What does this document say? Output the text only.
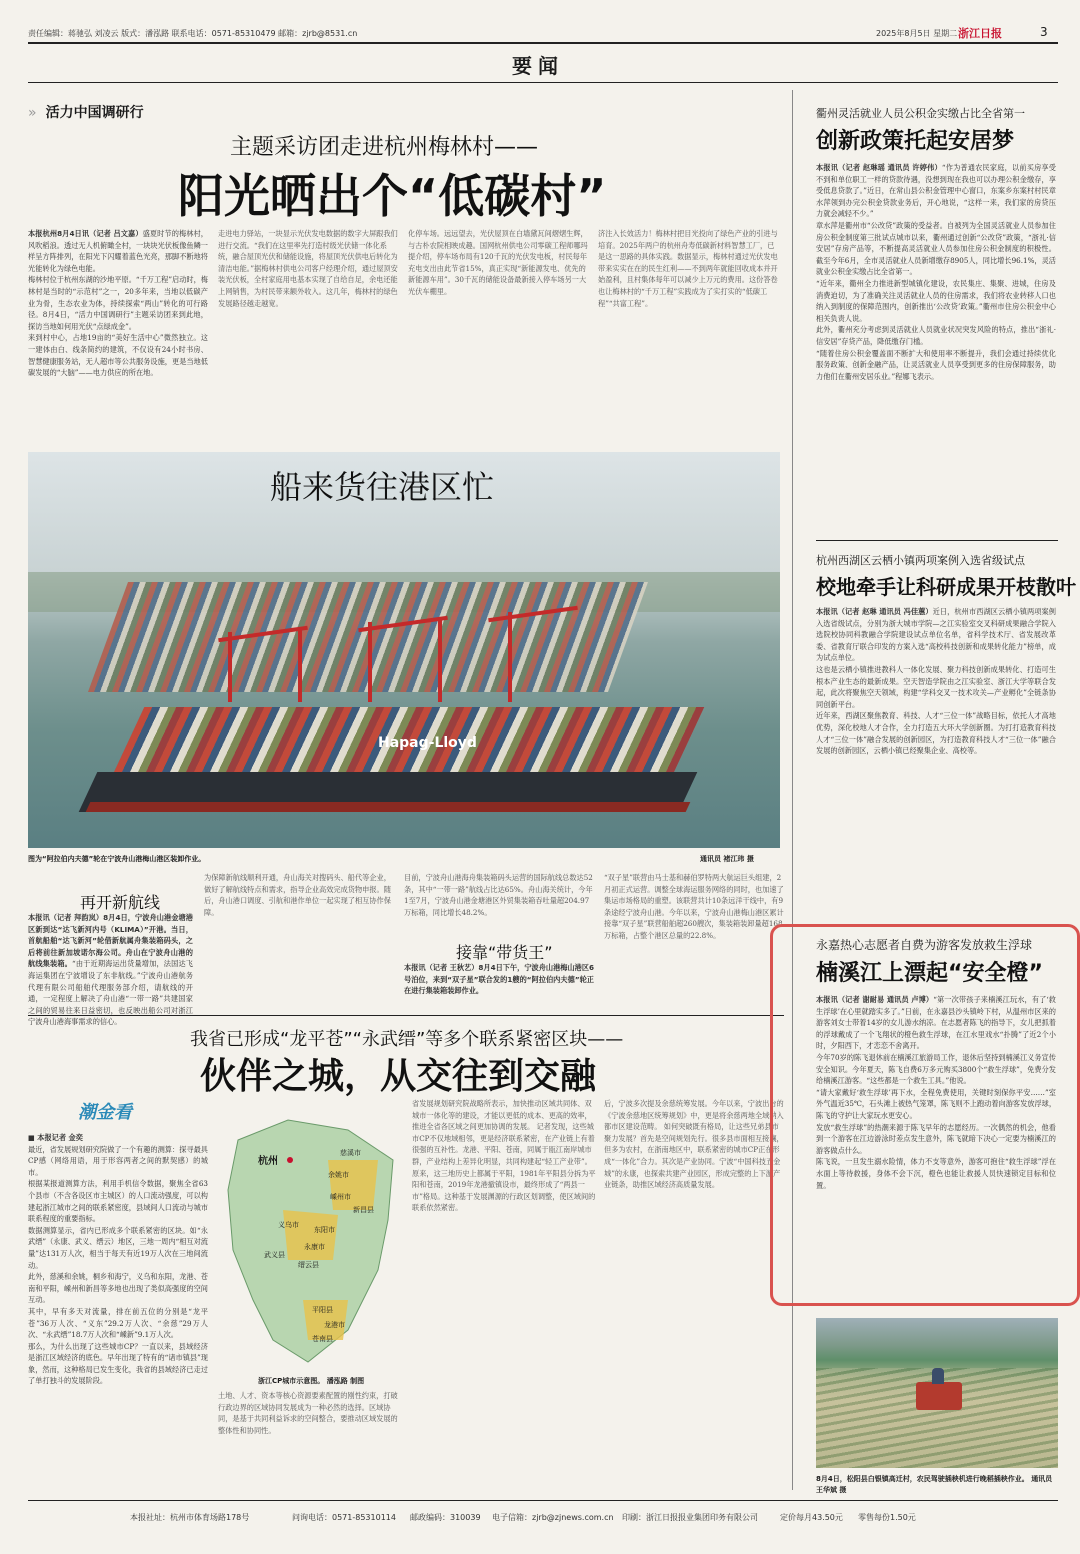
责任编辑：蒋驰弘 刘凌云 版式：潘泓路 联系电话：0571-85310479 邮箱：zjrb@8531.cn	2025年8月5日 星期二 浙江日报	3
要闻
» 活力中国调研行
主题采访团走进杭州梅林村——
阳光晒出个“低碳村”
本报杭州8月4日讯（记者 吕文嘉）盛夏时节的梅林村，风吹稻浪。透过无人机俯瞰全村，一块块光伏板像鱼鳞一样呈方阵排列，在阳光下闪耀着蓝色光亮，那脚不断地将光能转化为绿色电能。
梅林村位于杭州东湖的沙地平原。“千万工程”启动时，梅林村是当时的“示范村”之一，20多年来，当地以低碳产业为骨，生态农业为体，持续探索“两山”转化的可行路径。8月4日，“活力中国调研行”主题采访团来到此地，探访当地如何用光伏“点绿成金”。
来到村中心，占地19亩的“美好生活中心”微然独立。这一建体由白、线条简约的建筑，不仅设有24小时书房、智慧健康服务站，无人超市等公共服务设施，更是当地低碳发展的“大脑”——电力供应的所在地。
走进电力驿站，一块显示光伏发电数据的数字大屏跟我们进行交流。“我们在这里率先打造村级光伏储一体化系统，融合屋顶光伏和储能设施，将屋顶光伏供电后转化为清洁电能。”据梅林村供电公司客户经理介绍，通过屋顶安装光伏板，全村家庭用电基本实现了自给自足，余电还能上网销售，为村民带来额外收入。这几年，梅林村的绿色发展路径越走越宽。
化停车场。远远望去，光伏屋顶在白墙黛瓦间熠熠生辉，与古朴农院相映成趣。国网杭州供电公司零碳工程师哪玛提介绍，停车场布局有120千瓦的光伏发电板，村民每年充电支出由此节省15%，真正实现“新能源发电、优先的新能源车用”。30千瓦的储能设备最新接入停车场另一大光伏车棚里。
济注入长效活力！梅林村把目光投向了绿色产业的引进与培育。2025年两户的杭州舟寿低碳新材料智慧工厂，已是这一思路的具体实践。数据显示，梅林村通过光伏发电带来实实在在的民生红利——不到两年就能回收成本并开始盈利，且村集体每年可以减少上万元的费用。这份答卷也让梅林村的“千万工程”实践成为了实打实的“低碳工程”“共富工程”。
Hapag-Lloyd
船来货往港区忙
图为“阿拉伯内夫德”轮在宁波舟山港梅山港区装卸作业。	通讯员 褚江玮 摄
再开新航线
本报讯（记者 拜韵岚）8月4日，宁波舟山港金塘港区新到达“达飞新河内号（KLIMA）”开港。当日，首航船舶“达飞新河”轮借新航属舟集装箱码头，之后将前往新加坡诺尔海公司。舟山在宁波舟山港的航线集装箱。“由于近期海运出货量增加，法国达飞海运集团在宁波增设了东非航线。”宁波舟山港航务代理有限公司船舶代理服务部介绍，请航线的开通，一定程度上解决了舟山港“一带一路”共建国家之间的贸易往来日益密切，也反映出船公司对浙江宁波舟山港海事需求的信心。
为保障新航线顺利开通，舟山海关对搜码头、船代等企业，做好了解航线特点和需求，指导企业高效完成货物申报。随后，舟山港口调度、引航和港作单位一起实现了相互协作保障。
目前，宁波舟山港海舟集装箱码头运营的国际航线总数达52条，其中“一带一路”航线占比达65%。舟山海关统计，今年1至7月，宁波舟山港金塘港区外贸集装箱吞吐量超204.97万标箱，同比增长48.2%。
接靠“带货王”
本报讯（记者 王秋艺）8月4日下午，宁波舟山港梅山港区6号泊位，来到“双子星”联合发的1艘的“阿拉伯内夫德”轮正在进行集装箱装卸作业。
“双子星”联营由马士基和赫伯罗特两大航运巨头组建，2月初正式运营。调整全球海运服务网络的同时，也加速了集运市场格局的重塑。该联营共计10条远洋干线中，有9条途经宁波舟山港。今年以来，宁波舟山港梅山港区累计接靠“双子星”联营船舶超260艘次，集装箱装卸量超168万标箱，占整个港区总量的22.8%。
我省已形成“龙平苍”“永武缙”等多个联系紧密区块——
伙伴之城，从交往到交融
潮金看
■ 本报记者 金奕
最近，省发展规划研究院做了一个有趣的测算：探寻最具CP感（网络用语，用于形容两者之间的默契感）的城市。
根据某报道测算方法，利用手机信令数据，聚焦全省63个县市（不含各设区市主城区）的人口流动强度，可以构建起浙江城市之间的联系紧密度，县域间人口流动与城市联系程度的重要指标。
数据测算显示，省内已形成多个联系紧密的区块。如“永武缙”（永康、武义、缙云）地区，三地一周内“相互对流量”达131万人次，相当于每天有近19万人次在三地间流动。
此外，慈溪和余姚，桐乡和海宁，义乌和东阳，龙港、苍南和平阳，嵊州和新昌等多地也出现了类似高强度的空间互动。
其中，早有多天对流量，排在前五位的分别是“龙平苍”36万人次、“义东”29.2万人次、“余慈”29万人次、“永武缙”18.7万人次和“嵊新”9.1万人次。
那么，为什么出现了这些城市CP？一直以来，县域经济是浙江区域经济的底色。早年出现了特有的“诸市镇县”现象，然而，这种格局已发生变化，我省的县域经济已走过了单打独斗的发展阶段。
杭州
慈溪市
余姚市
嵊州市
新昌县
义乌市
东阳市
永康市
武义县
缙云县
平阳县
龙港市
苍南县
浙江CP城市示意图。 潘泓路 制图
土地、人才、资本等核心资源要素配置的刚性约束，打破行政边界的区域协同发展成为一种必然的选择。区域协同，是基于共同利益诉求的空间整合，要推动区域发展的整体性和协同性。
省发展规划研究院战略所表示，加快推动区域共同体、双城市一体化等的建设，才能以更低的成本、更高的效率，推进全省各区域之间更加协调的发展。 记者发现，这些城市CP不仅地域相邻，更是经济联系紧密，在产业链上有着很强的互补性。龙港、平阳、苍南，同属于瓯江南岸城市群，产业结构上差异化明显，共同构建起“轻工产业带”。原来，这三地历史上都属于平阳，1981年平阳县分拆为平阳和苍南，2019年龙港撤镇设市，最终形成了“两县一市”格局。这种基于发展渊源的行政区划调整，使区域间的联系依然紧密。
后，宁波多次提及余慈统筹发展。今年以来，宁波出台的《宁波余慈地区统筹规划》中，更是将余慈两地全域纳入都市区建设范畴。 如何突破既有格局，让这些兄弟县市聚力发展？首先是空间规划先行。很多县市面相互接壤，但多为农村，在浙南地区中，联系紧密的城市CP正在形成“一体化”合力。其次是产业协同。宁波“中国科技五金城”的永康，也探索共建产业园区，形成完整的上下游产业链条，助推区域经济高质量发展。
衢州灵活就业人员公积金实缴占比全省第一
创新政策托起安居梦
本报讯（记者 赵琳瑶 通讯员 许婷伟）“作为普通农民家庭，以前买房享受不到和单位职工一样的贷款待遇，没想到现在我也可以办理公积金缴存，享受低息贷款了。”近日，在常山县公积金管理中心窗口，东案乡东案村村民章水萍领到办完公积金贷款业务后，开心地说，“这样一来，我们家的房贷压力就会减轻不少。”
章水萍是衢州市“公改贷”政策的受益者。自被列为全国灵活就业人员参加住房公积金制度第三批试点城市以来，衢州通过创新“公改贷”政策，“浙礼·信安居”存房产品等，不断提高灵活就业人员参加住房公积金制度的积极性。截至今年6月，全市灵活就业人员新增缴存8905人，同比增长96.1%，灵活就业公积金实缴占比全省第一。
“近年来，衢州全力推进新型城镇化建设，农民集庄、集聚、进城，住房及消费迫切，为了准确关注灵活就业人员的住房需求，我们将农业转移人口也纳入到制度的保障范围内，创新推出‘公改贷’政策。”衢州市住房公积金中心相关负责人说。
此外，衢州充分考虑到灵活就业人员就业状况突发风险的特点，推出“浙礼·信安居”存贷产品，降低缴存门槛。
“随着住房公积金覆盖面不断扩大和使用率不断提升，我们会通过持续优化服务政策、创新金融产品，让灵活就业人员享受到更多的住房保障服务，助力他们在衢州安居乐业。”程娜飞表示。
杭州西湖区云栖小镇两项案例入选省级试点
校地牵手让科研成果开枝散叶
本报讯（记者 赵琳 通讯员 冯佳蕙）近日，杭州市西湖区云栖小镇两项案例入选省级试点，分别为浙大城市学院—之江实验室交叉科研成果融合学院入选院校协同科教融合学院建设试点单位名单，省科学技术厅、省发展改革委、省教育厅联合印发的方案入选“高校科技创新和成果转化能力”榜单，成为试点单位。
这也是云栖小镇推进教科人一体化发展、聚力科技创新成果转化、打造可生根本产业生态的最新成果。空天智造学院由之江实验室、浙江大学等联合发起，此次将聚焦空天领域，构建“学科交叉一技术攻关—产业孵化”全链条协同创新平台。
近年来，西湖区聚焦教育、科技、人才“三位一体”战略目标，依托人才高地优势，深化校地人才合作，全力打造五大环大学创新圈。为打打造教育科技人才“三位一体”融合发展的创新园区，为打造教育科技人才“三位一体”融合发展的创新园区，云栖小镇已经聚集企业、高校等。
永嘉热心志愿者自费为游客发放救生浮球
楠溪江上漂起“安全橙”
本报讯（记者 谢耐易 通讯员 卢博）“第一次带孩子来楠溪江玩水，有了‘救生浮球’在心里就踏实多了。”日前，在永嘉县沙头镇岭下村，从温州市区来的游客刘女士带着14岁的女儿游水纳凉。在志愿者陈飞的指导下，女儿把抓着的浮球戴成了一个飞翔状的橙色救生浮球，在江水里戏水“扑腾”了近2个小时，夕阳西下，才恋恋不舍离开。
今年70岁的陈飞退休前在楠溪江旅游局工作，退休后坚持到楠溪江义务宣传安全知识。今年夏天，陈飞自费6万多元购买3800个“救生浮球”，免费分发给楠溪江游客。“这些都是一个救生工具。”他说。
“请大家戴好‘救生浮球’再下水，全程免费使用，关键时刻保你平安……”室外气温近35℃，石头滩上被热气笼罩，陈飞则不上跑动着向游客发放浮球，陈飞的守护让大家玩水更安心。
发放“救生浮球”的热潮来源于陈飞早年的志愿经历。一次偶然的机会，他看到一个游客在江边游泳时差点发生意外，陈飞就暗下决心一定要为楠溪江的游客做点什么。
陈飞说，一旦发生溺水险情，体力不支等意外，游客可抱住“救生浮球”浮在水面上等待救援，身体不会下沉，橙色也能让救援人员快速锁定目标和位置。
8月4日，松阳县白银镇高迁村，农民驾驶插秧机进行晚稻插秧作业。 通讯员 王华斌 摄
本报社址：杭州市体育场路178号	问询电话：0571-85310114 邮政编码：310039 电子信箱：zjrb@zjnews.com.cn 印刷：浙江日报报业集团印务有限公司	定价每月43.50元 零售每份1.50元
